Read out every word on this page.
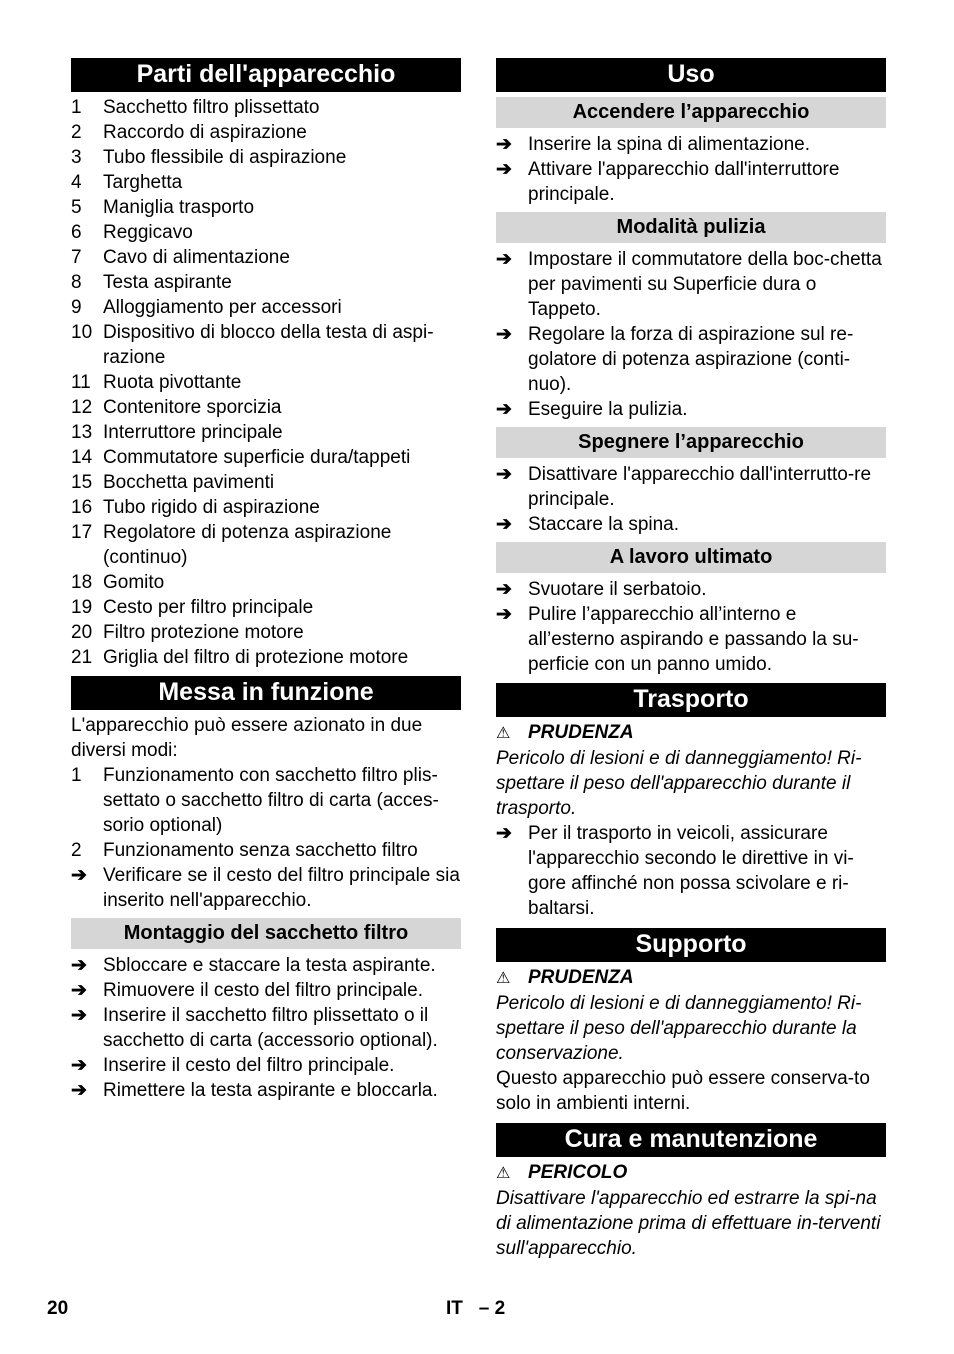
Parti dell'apparecchio
1	Sacchetto filtro plissettato
2	Raccordo di aspirazione
3	Tubo flessibile di aspirazione
4	Targhetta
5	Maniglia trasporto
6	Reggicavo
7	Cavo di alimentazione
8	Testa aspirante
9	Alloggiamento per accessori
10 Dispositivo di blocco della testa di aspi-razione
11 Ruota pivottante
12 Contenitore sporcizia
13 Interruttore principale
14 Commutatore superficie dura/tappeti
15 Bocchetta pavimenti
16 Tubo rigido di aspirazione
17 Regolatore di potenza aspirazione (continuo)
18 Gomito
19 Cesto per filtro principale
20 Filtro protezione motore
21 Griglia del filtro di protezione motore
Messa in funzione
L'apparecchio può essere azionato in due diversi modi:
1	Funzionamento con sacchetto filtro plis-settato o sacchetto filtro di carta (acces-sorio optional)
2	Funzionamento senza sacchetto filtro
➔ Verificare se il cesto del filtro principale sia inserito nell'apparecchio.
Montaggio del sacchetto filtro
➔ Sbloccare e staccare la testa aspirante.
➔ Rimuovere il cesto del filtro principale.
➔ Inserire il sacchetto filtro plissettato o il sacchetto di carta (accessorio optional).
➔ Inserire il cesto del filtro principale.
➔ Rimettere la testa aspirante e bloccarla.
Uso
Accendere l’apparecchio
➔ Inserire la spina di alimentazione.
➔ Attivare l'apparecchio dall'interruttore principale.
Modalità pulizia
➔ Impostare il commutatore della boc-chetta per pavimenti su Superficie dura o Tappeto.
➔ Regolare la forza di aspirazione sul re-golatore di potenza aspirazione (conti-nuo).
➔ Eseguire la pulizia.
Spegnere l’apparecchio
➔ Disattivare l'apparecchio dall'interrutto-re principale.
➔ Staccare la spina.
A lavoro ultimato
➔ Svuotare il serbatoio.
➔ Pulire l’apparecchio all’interno e all’esterno aspirando e passando la su-perficie con un panno umido.
Trasporto
⚠ PRUDENZA
Pericolo di lesioni e di danneggiamento! Ri-spettare il peso dell'apparecchio durante il trasporto.
➔ Per il trasporto in veicoli, assicurare l'apparecchio secondo le direttive in vi-gore affinché non possa scivolare e ri-baltarsi.
Supporto
⚠ PRUDENZA
Pericolo di lesioni e di danneggiamento! Ri-spettare il peso dell'apparecchio durante la conservazione.
Questo apparecchio può essere conserva-to solo in ambienti interni.
Cura e manutenzione
⚠ PERICOLO
Disattivare l'apparecchio ed estrarre la spi-na di alimentazione prima di effettuare in-terventi sull'apparecchio.
20	IT   – 2
